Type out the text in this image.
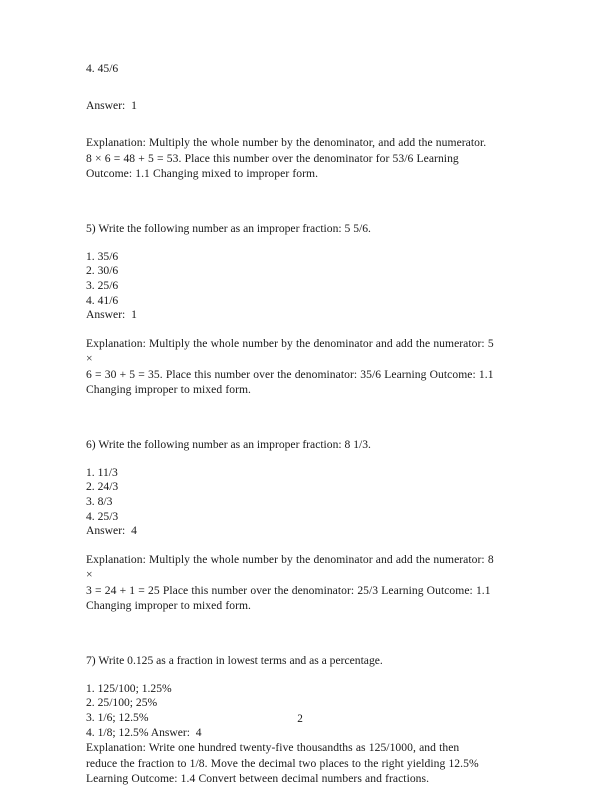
4. 45/6

Answer:  1

Explanation: Multiply the whole number by the denominator, and add the numerator.

8 × 6 = 48 + 5 = 53. Place this number over the denominator for 53/6 Learning

Outcome: 1.1 Changing mixed to improper form.

5) Write the following number as an improper fraction: 5 5/6.

1. 35/6
2. 30/6
3. 25/6
4. 41/6

Answer:  1

Explanation: Multiply the whole number by the denominator and add the numerator: 5 ×

6 = 30 + 5 = 35. Place this number over the denominator: 35/6 Learning Outcome: 1.1

Changing improper to mixed form.

6) Write the following number as an improper fraction: 8 1/3.

1. 11/3
2. 24/3
3. 8/3
4. 25/3

Answer:  4

Explanation: Multiply the whole number by the denominator and add the numerator: 8 ×

3 = 24 + 1 = 25 Place this number over the denominator: 25/3 Learning Outcome: 1.1

Changing improper to mixed form.

7) Write 0.125 as a fraction in lowest terms and as a percentage.

1. 125/100; 1.25%
2. 25/100; 25%
3. 1/6; 12.5%
4. 1/8; 12.5% Answer:  4

Explanation: Write one hundred twenty-five thousandths as 125/1000, and then

reduce the fraction to 1/8. Move the decimal two places to the right yielding 12.5%

Learning Outcome: 1.4 Convert between decimal numbers and fractions.

2
